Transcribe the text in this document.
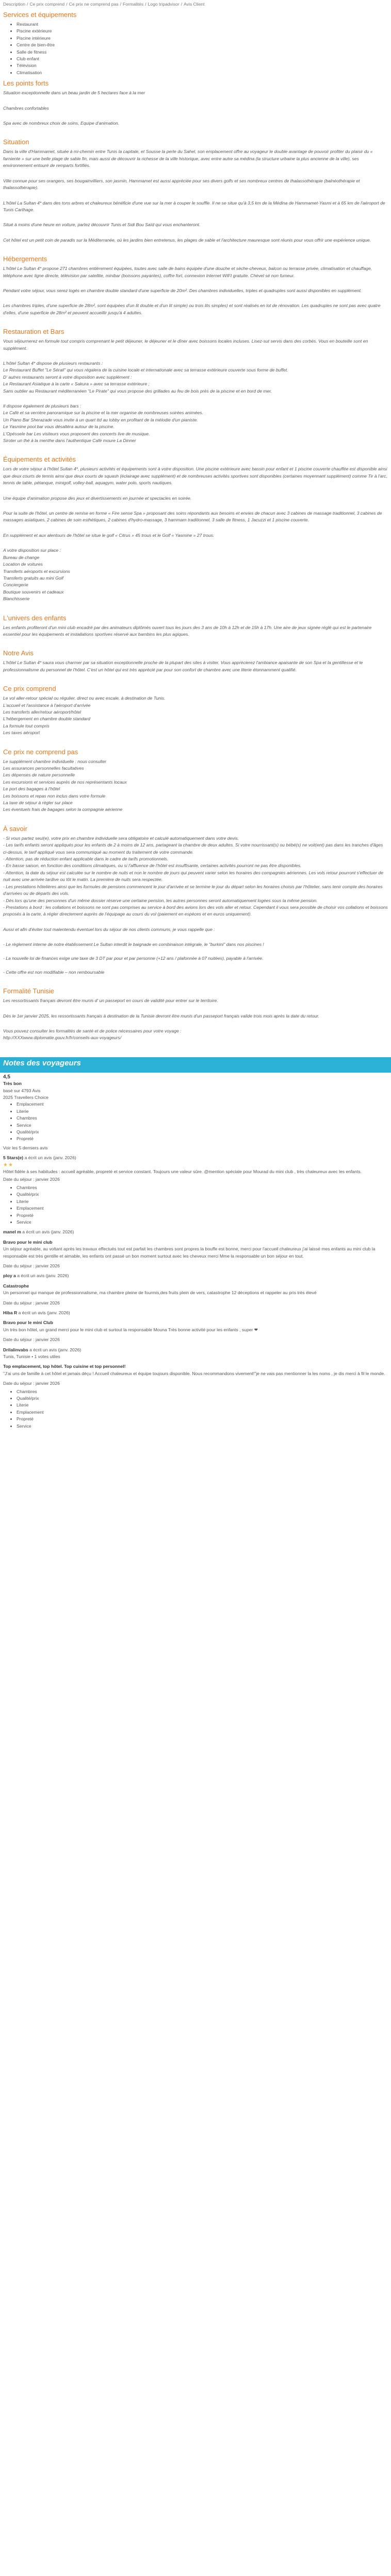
Description / Ce prix comprend / Ce prix ne comprend pas / Formalités / Logo tripadvisor / Avis Client
Services et équipements
• Restaurant
• Piscine extérieure
• Piscine intérieure
• Centre de bien-être
• Salle de fitness
• Club enfant
• Télévision
• Climatisation
Les points forts

Situation exceptionnelle dans un beau jardin de 5 hectares face à la mer

Chambres confortables

Spa avec de nombreux choix de soins, Equipe d'animation.

Situation

Dans la ville d'Hammamet, située à mi-chemin entre Tunis la capitale, et Sousse la perle du Sahel, son emplacement offre au voyageur le double avantage de pouvoir profiter du plaisir du « farniente » sur une belle plage de sable fin, mais aussi de découvrir la richesse de la ville historique, avec entre autre sa médina (la structure urbaine la plus ancienne de la ville), ses environnement entouré de remparts fortifiés.

Ville connue pour ses orangers, ses bougainvilliers, son jasmin, Hammamet est aussi appréciée pour ses divers golfs et ses nombreux centres de thalassothérapie (balnéothérapie et thalassothérapie).

L'hôtel La Sultan 4* dans des tons arbres et chaleureux bénéficie d'une vue sur la mer à couper le souffle. Il ne se situe qu'à 3,5 km de la Médina de Hammamet-Yasmi et à 65 km de l'aéroport de Tunis Carthage.

Situé à moins d'une heure en voiture, partez découvrir Tunis et Sidi Bou Saïd qui vous enchanteront.

Cet hôtel est un petit coin de paradis sur la Méditerranée, où les jardins bien entretenus, les plages de sable et l'architecture mauresque sont réunis pour vous offrir une expérience unique.

Hébergements

L'hôtel Le Sultan 4* propose 271 chambres entièrement équipées, toutes avec salle de bains équipée d'une douche et sèche-cheveux, balcon ou terrasse privée, climatisation et chauffage, téléphone avec ligne directe, télévision par satellite, minibar (boissons payantes), coffre fort, connexion Internet WIFI gratuite. Chèvel sé non fumeur.

Pendant votre séjour, vous serez logés en chambre double standard d'une superficie de 20m². Des chambres individuelles, triples et quadruples sont aussi disponibles en supplément.

Les chambres triples, d'une superficie de 28m², sont équipées d'un lit double et d'un lit simple) ou trois lits simples) et sont réalisés en lot de rénovation. Les quadruples ne sont pas avec quatre d'elles, d'une superficie de 28m² et peuvent accueillir jusqu'à 4 adultes.

Restauration et Bars

Vous séjournerez en formule tout compris comprenant le petit déjeuner, le déjeuner et le dîner avec boissons locales incluses. Lisez-sut servis dans des corbés. Vous en bouteille sont en supplément.

L'hôtel Sultan 4* dispose de plusieurs restaurants :
Le Restaurant Buffet "Le Sérail" qui vous régalera de la cuisine locale et internationale avec sa terrasse extérieure couverte sous forme de buffet.
D' autres restaurants seront à votre disposition avec supplément :
Le Restaurant Asiatique à la carte « Sakura » avec sa terrasse extérieure ;
Sans oublier au Restaurant méditerranéen "Le Pirate" qui vous propose des grillades au feu de bois près de la piscine et en bord de mer.

Il dispose également de plusieurs bars :
Le Café et sa verrière panoramique sur la piscine et la mer organise de nombreuses soirées animées.
Un Piano Bar Sherazade vous invite à un quart ttd au lobby en profitant de la mélodie d'un pianiste.
Le Yasmine pool bar vous désaltéra autour de la piscine.
L'Opéssele bar Les visiteurs vous proposent des concerts live de musique.
Siroter un thé à la menthe dans l'authentique Café moure La Dinner

Équipements et activités

Lors de votre séjour à l'hôtel Sultan 4*, plusieurs activités et équipements sont à votre disposition. Une piscine extérieure avec bassin pour enfant et 1 piscine couverte chauffée est disponible ainsi que deux courts de tennis ainsi que deux courts de squash (éclairage avec supplément) et de nombreuses activités sportives sont disponibles (certaines moyennant supplément) comme Tir à l'arc, tennis de table, pétanque, minigolf, volley-ball, aquagym, water polo, sports nautiques.

Une équipe d'animation propose des jeux et divertissements en journée et spectacles en soirée.

Pour la suite de l'hôtel, un centre de remise en forme « Fire sense Spa » proposant des soins répondants aux besoins et envies de chacun avec 3 cabines de massage traditionnel, 3 cabines de massages asiatiques, 2 cabines de soin esthétiques, 2 cabines d'hydro-massage, 3 hammam traditionnel, 3 salle de fitness, 1 Jacuzzi et 1 piscine couverte.

En supplément et aux alentours de l'hôtel se situe le golf « Citrus » 45 trous et le Golf « Yasmine » 27 trous.

A votre disposition sur place :
Bureau de change
Location de voitures
Transferts aéroports et excursions
Transferts gratuits au mini Golf
Conciergerie
Boutique souvenirs et cadeaux
Blanchisserie

L'univers des enfants

Les enfants profiteront d'un mini club encadré par des animateurs diplômés ouvert tous les jours des 3 ans de 10h à 12h et de 15h à 17h. Une aire de jeux signée réglé qui est le partenaire essentiel pour les équipements et installations sportives réservé aux bambins les plus agiques.

Notre Avis

L'hôtel Le Sultan 4* saura vous charmer par sa situation exceptionnelle proche de la plupart des sites à visiter. Vous apprécierez l'ambiance apaisante de son Spa et la gentillesse et le professionnalisme du personnel de l'hôtel. C'est un hôtel qui est très apprécié par pour son confort de chambre avec une literie étonnamment qualifié.

Ce prix comprend

Le vol aller-retour spécial ou régulier, direct ou avec escale, à destination de Tunis.
L'accueil et l'assistance à l'aéroport d'arrivée
Les transferts aller/retour aéroport/hôtel
L'hébergement en chambre double standard
La formule tout compris
Les taxes aéroport

Ce prix ne comprend pas

Le supplément chambre individuelle : nous consulter
Les assurances personnelles facultatives
Les dépenses de nature personnelle
Les excursions et services auprès de nos représentants locaux
Le port des bagages à l'hôtel
Les boissons et repas non inclus dans votre formule
La taxe de séjour à régler sur place
Les éventuels frais de bagages selon la compagnie aérienne

À savoir

- Si vous partez seul(e), votre prix en chambre individuelle sera obligatoire et calculé automatiquement dans votre devis.
- Les tarifs enfants seront appliqués pour les enfants de 2 à moins de 12 ans, partageant la chambre de deux adultes. Si votre nourrissant(s) ou bébé(s) ne voit(ent) pas dans les tranches d'âges ci-dessus, le tarif appliqué vous sera communiqué au moment du traitement de votre commande.
- Attention, pas de réduction enfant applicable dans le cadre de tarifs promotionnels.
- En basse saison, en fonction des conditions climatiques, ou si l'affluence de l'hôtel est insuffisante, certaines activités pourront ne pas être disponibles.
- Attention, la date du séjour est calculée sur le nombre de nuits et non le nombre de jours qui peuvent varier selon les horaires des compagnies aériennes. Les vols retour pourront s'effectuer de nuit avec une arrivée tardive ou tôt le matin. La première de nuits sera respectée.
- Les prestations hôtelières ainsi que les formules de pensions commencent le jour d'arrivée et se termine le jour du départ selon les horaires choisis par l'hôtelier, sans tenir compte des horaires d'arrivées ou de départs des vols.
- Dès lors qu'une des personnes d'un même dossier réserve une certaine pension, les autres personnes seront automatiquement logées sous la même pension.
- Prestations à bord : les collations et boissons ne sont pas comprises au service à bord des avions lors des vols aller et retour. Cependant il vous sera possible de choisir vos collations et boissons proposés à la carte, à régler directement auprès de l'équipage au cours du vol (paiement en espèces et en euros uniquement).

Aussi et afin d'éviter tout malentendu éventuel lors du séjour de nos clients communs, je vous rappelle que :

- Le règlement interne de notre établissement Le Sultan interdit le baignade en combinaison intégrale, le "burkini" dans nos piscines !

- La nouvelle loi de finances exige une taxe de 3 DT par pour et par personne (+12 ans / plafonnée à 07 nuitées), payable à l'arrivée.

- Cette offre est non modifiable – non remboursable

Formalité Tunisie

Les ressortissants français devront être munis d' un passeport en cours de validité pour entrer sur le territoire.

Dès le 1er janvier 2025, les ressortissants français à destination de la Tunisie devront être munis d'un passeport français valide trois mois après la date du retour.

Vous pouvez consulter les formalités de santé et de police nécessaires pour votre voyage :
http://XXXwww.diplomatie.gouv.fr/fr/conseils-aux-voyageurs/

Notes des voyageurs
4,5
Très bon
basé sur 4793 Avis
2025 Travellers Choice
• Emplacement
• Literie
• Chambres
• Service
• Qualité/prix
• Propreté
Voir les 5 derniers avis
5 Stars(e) a écrit un avis (janv. 2026)
★★
Hôtel fidèle à ses habitudes : accueil agréable, propreté et service constant. Toujours une valeur sûre. @mention spéciale pour Mourad du mini club , très chaleureux avec les enfants.
Date du séjour : janvier 2026
• Chambres
• Qualité/prix
• Literie
• Emplacement
• Propreté
• Service
manel m a écrit un avis (janv. 2026)
Bravo pour le mini club
Un séjour agréable, au voltant après les travaux effectués tout est parfait les chambres sont propres la bouffe est bonne, merci pour l'accueil chaleureux j'ai laissé mes enfants au mini club la responsable est très gentille et aimable, les enfants ont passé un bon moment surtout avec les cheveux merci Mme la responsable un bon séjour en tout.
Date du séjour : janvier 2026
ploy a a écrit un avis (janv. 2026)
Catastrophe
Un personnel qui manque de professionnalisme, ma chambre pleine de fourmis,des fruits plein de vers, catastrophe 12 déceptions et rappeler au pris très élevé
Date du séjour : janvier 2026
Hiba R a écrit un avis (janv. 2026)
Bravo pour le mini Club
Un très bon hôtel, un grand merci pour le mini club et surtout la responsable Mouna Très bonne activité pour les enfants , super ❤
Date du séjour : janvier 2026
Drilalinvabs a écrit un avis (janv. 2026)
Tunis, Tunisie • 1 votes utiles
Top emplacement, top hôtel. Top cuisine et top personnel!
"J'ai uns de famille à cet hôtel et jamais déçu ! Accueil chaleureux et équipe toujours disponible. Nous recommandons vivement!"je ne vais pas mentionner la les noms , je dis merci à fil le monde.
Date du séjour : janvier 2026
• Chambres
• Qualité/prix
• Literie
• Emplacement
• Propreté
• Service
